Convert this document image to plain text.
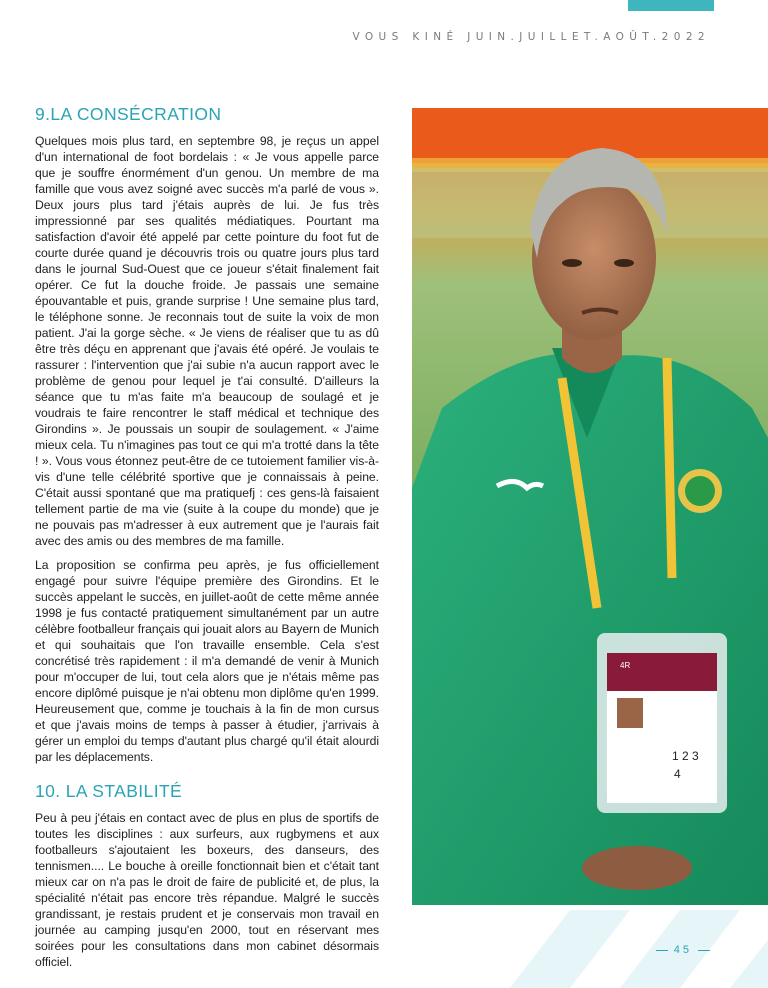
VOUS KINÉ JUIN.JUILLET.AOÛT.2022
9.LA CONSÉCRATION

Quelques mois plus tard, en septembre 98, je reçus un appel d'un international de foot bordelais : « Je vous appelle parce que je souffre énormément d'un genou. Un membre de ma famille que vous avez soigné avec succès m'a parlé de vous ». Deux jours plus tard j'étais auprès de lui. Je fus très impressionné par ses qualités médiatiques. Pourtant ma satisfaction d'avoir été appelé par cette pointure du foot fut de courte durée quand je découvris trois ou quatre jours plus tard dans le journal Sud-Ouest que ce joueur s'était finalement fait opérer. Ce fut la douche froide. Je passais une semaine épouvantable et puis, grande surprise ! Une semaine plus tard, le téléphone sonne. Je reconnais tout de suite la voix de mon patient. J'ai la gorge sèche. « Je viens de réaliser que tu as dû être très déçu en apprenant que j'avais été opéré. Je voulais te rassurer : l'intervention que j'ai subie n'a aucun rapport avec le problème de genou pour lequel je t'ai consulté. D'ailleurs la séance que tu m'as faite m'a beaucoup de soulagé et je voudrais te faire rencontrer le staff médical et technique des Girondins ». Je poussais un soupir de soulagement. « J'aime mieux cela. Tu n'imagines pas tout ce qui m'a trotté dans la tête ! ». Vous vous étonnez peut-être de ce tutoiement familier vis-à-vis d'une telle célébrité sportive que je connaissais à peine. C'était aussi spontané que ma pratiquefj : ces gens-là faisaient tellement partie de ma vie (suite à la coupe du monde) que je ne pouvais pas m'adresser à eux autrement que je l'aurais fait avec des amis ou des membres de ma famille.

La proposition se confirma peu après, je fus officiellement engagé pour suivre l'équipe première des Girondins. Et le succès appelant le succès, en juillet-août de cette même année 1998 je fus contacté pratiquement simultanément par un autre célèbre footballeur français qui jouait alors au Bayern de Munich et qui souhaitais que l'on travaille ensemble. Cela s'est concrétisé très rapidement : il m'a demandé de venir à Munich pour m'occuper de lui, tout cela alors que je n'étais même pas encore diplômé puisque je n'ai obtenu mon diplôme qu'en 1999. Heureusement que, comme je touchais à la fin de mon cursus et que j'avais moins de temps à passer à étudier, j'arrivais à gérer un emploi du temps d'autant plus chargé qu'il était alourdi par les déplacements.

10. LA STABILITÉ

Peu à peu j'étais en contact avec de plus en plus de sportifs de toutes les disciplines : aux surfeurs, aux rugbymens et aux footballeurs s'ajoutaient les boxeurs, des danseurs, des tennismen.... Le bouche à oreille fonctionnait bien et c'était tant mieux car on n'a pas le droit de faire de publicité et, de plus, la spécialité n'était pas encore très répandue. Malgré le succès grandissant, je restais prudent et je conservais mon travail en journée au camping jusqu'en 2000, tout en réservant mes soirées pour les consultations dans mon cabinet désormais officiel.

1 2 3
4
4R
45
